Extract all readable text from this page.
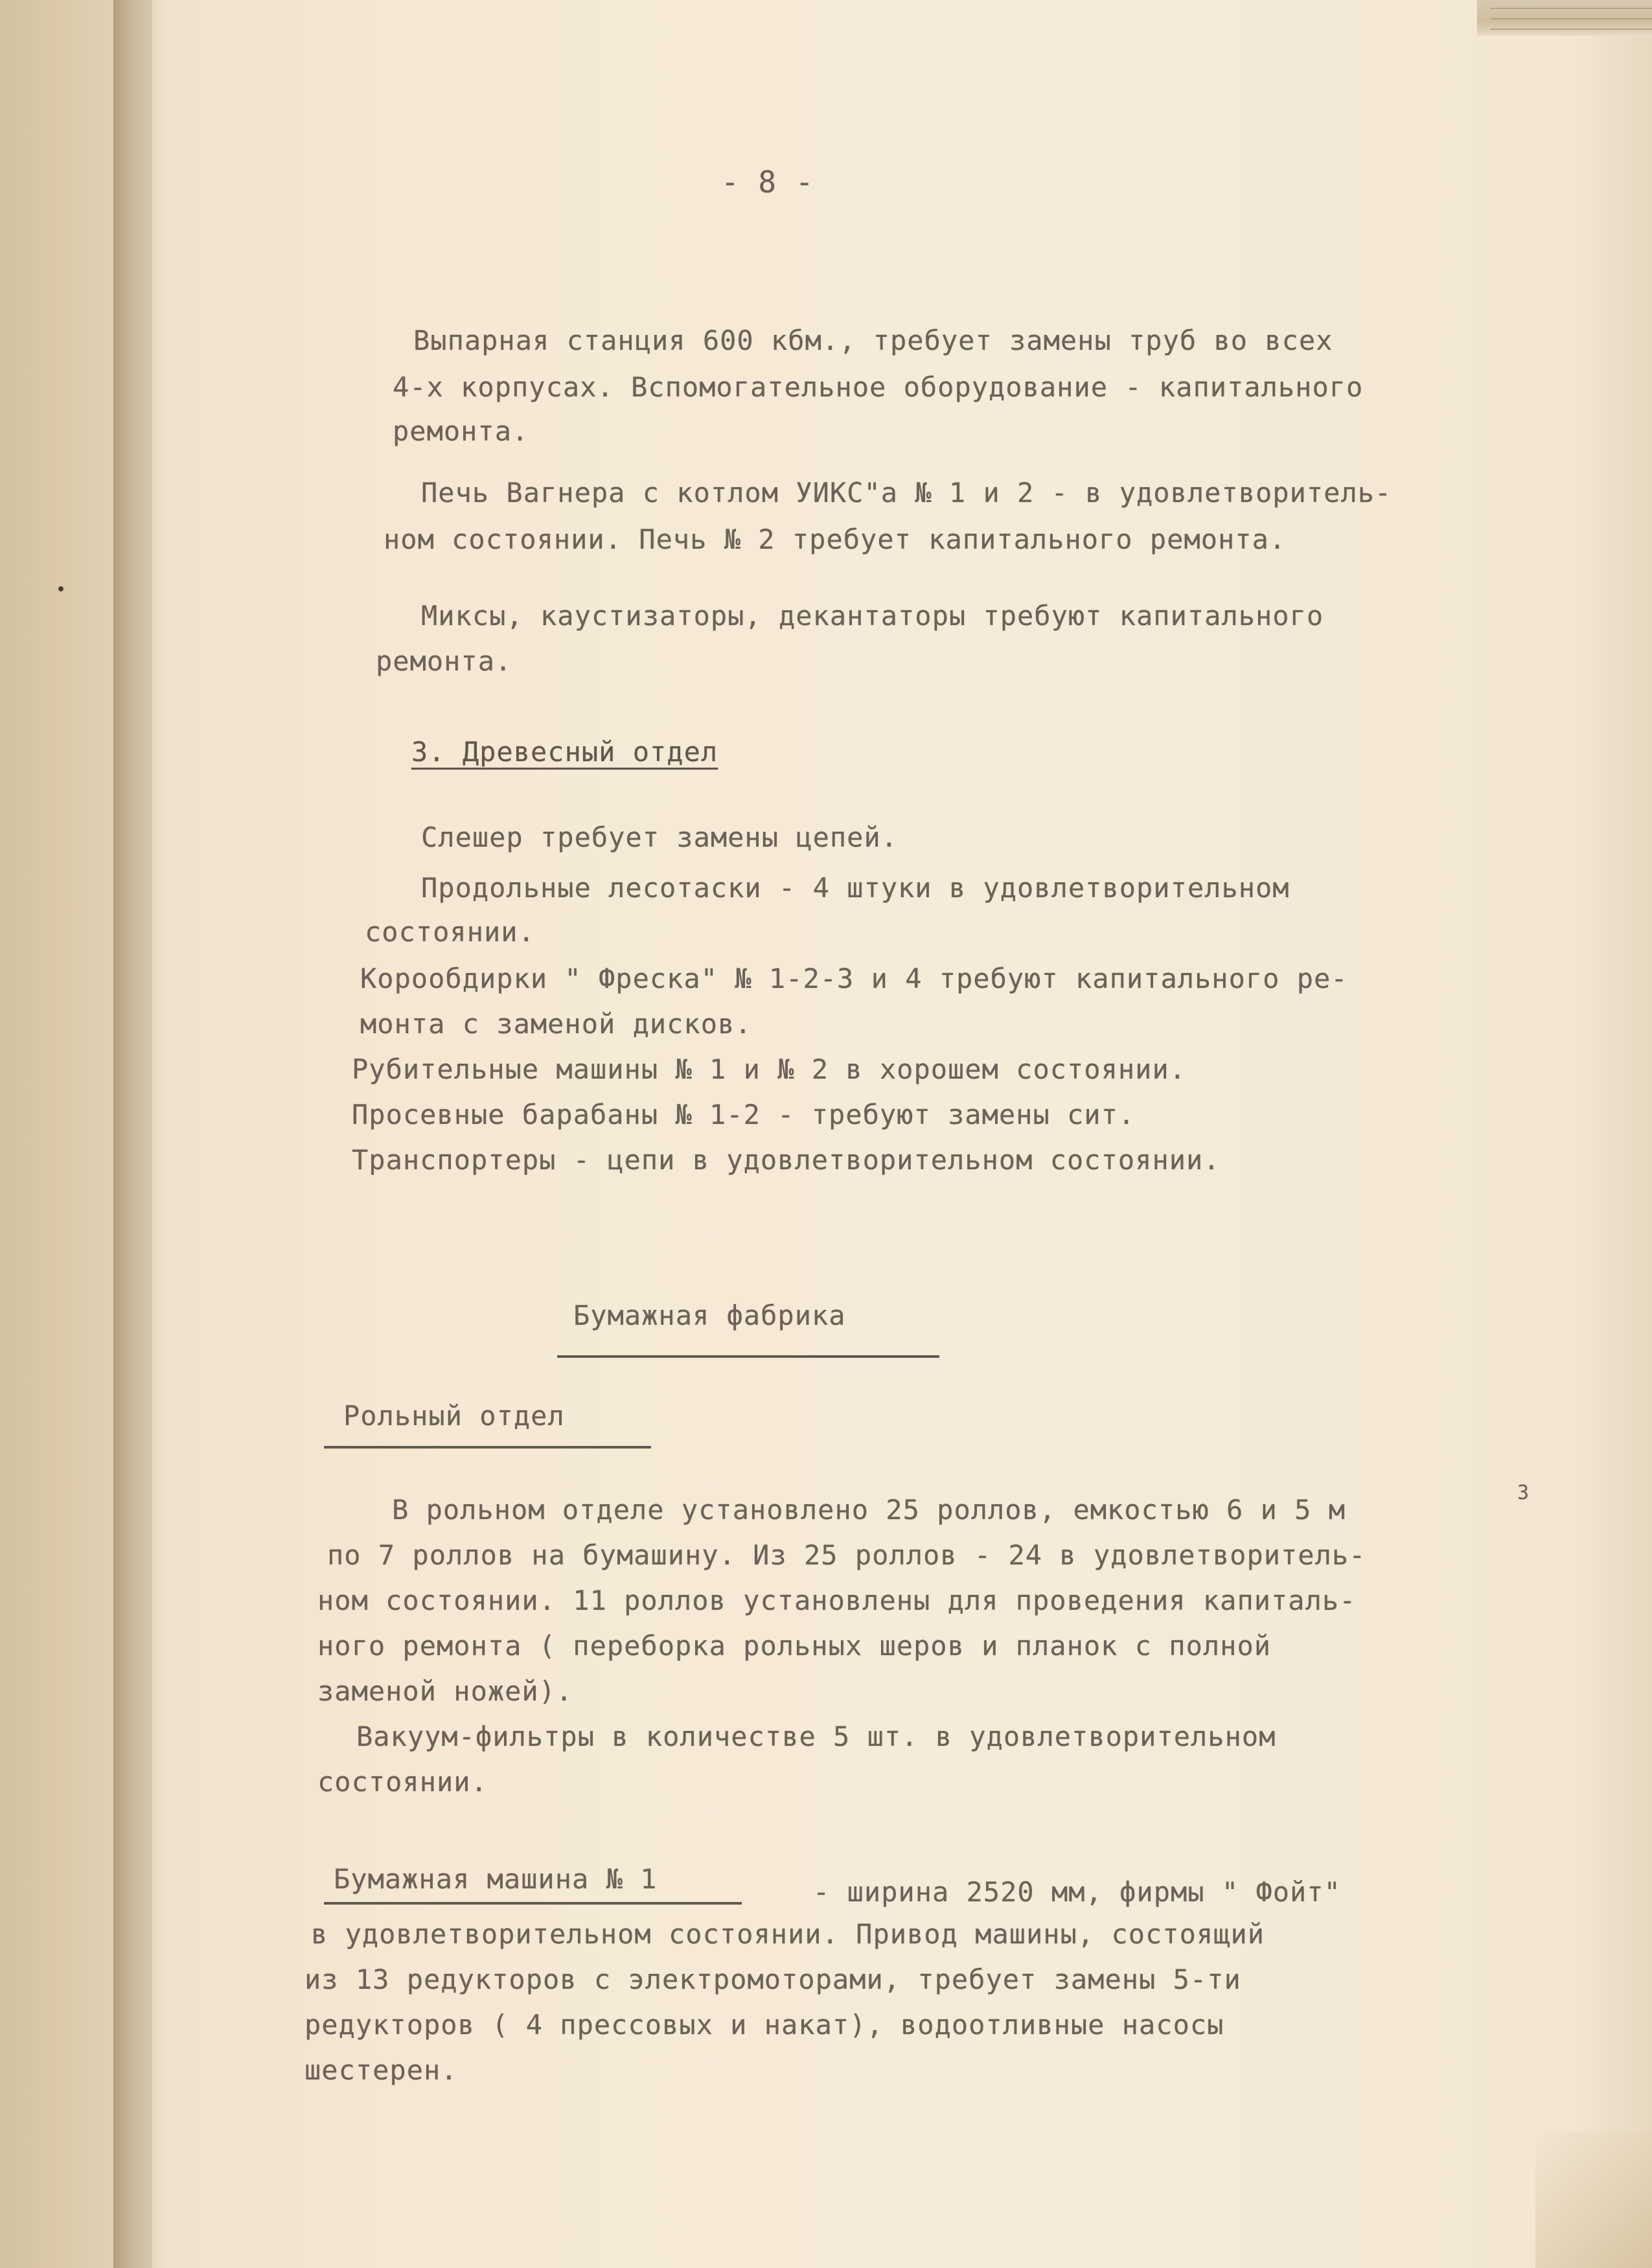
- 8 -

Выпарная станция 600 кбм., требует замены труб во всех

4-х корпусах. Вспомогательное оборудование - капитального

ремонта.

Печь Вагнера с котлом УИКС"а № 1 и 2 - в удовлетворитель-

ном состоянии. Печь № 2 требует капитального ремонта.

Миксы, каустизаторы, декантаторы требуют капитального

ремонта.

3. Древесный отдел

Слешер требует замены цепей.

Продольные лесотаски - 4 штуки в удовлетворительном

состоянии.

Корообдирки " Фреска" № 1-2-3 и 4 требуют капитального ре-

монта с заменой дисков.

Рубительные машины № 1 и № 2 в хорошем состоянии.

Просевные барабаны № 1-2 - требуют замены сит.

Транспортеры - цепи в удовлетворительном состоянии.

Бумажная фабрика

Рольный отдел

В рольном отделе установлено 25 роллов, емкостью 6 и 5 м

3

по 7 роллов на бумашину. Из 25 роллов - 24 в удовлетворитель-

ном состоянии. 11 роллов установлены для проведения капиталь-

ного ремонта ( переборка рольных шеров и планок с полной

заменой ножей).

Вакуум-фильтры в количестве 5 шт. в удовлетворительном

состоянии.

Бумажная машина № 1	- ширина 2520 мм, фирмы " Фойт"

в удовлетворительном состоянии. Привод машины, состоящий

из 13 редукторов с электромоторами, требует замены 5-ти

редукторов ( 4 прессовых и накат), водоотливные насосы

шестерен.
